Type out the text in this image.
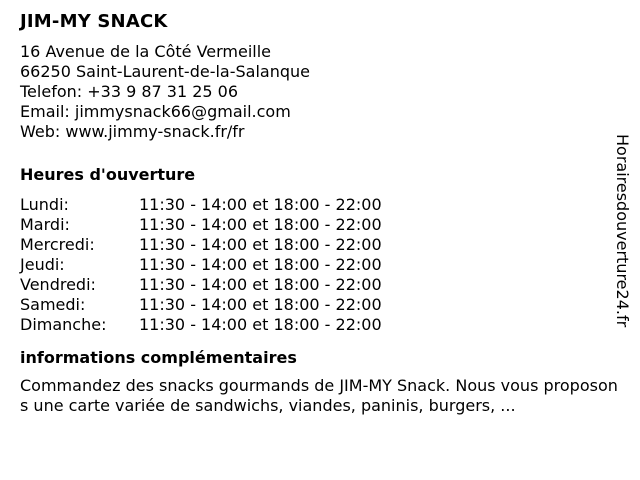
JIM-MY SNACK
16 Avenue de la Côté Vermeille
66250 Saint-Laurent-de-la-Salanque
Telefon: +33 9 87 31 25 06
Email: jimmysnack66@gmail.com
Web: www.jimmy-snack.fr/fr
Heures d'ouverture
Lundi:	11:30 - 14:00 et 18:00 - 22:00
Mardi:	11:30 - 14:00 et 18:00 - 22:00
Mercredi:	11:30 - 14:00 et 18:00 - 22:00
Jeudi:	11:30 - 14:00 et 18:00 - 22:00
Vendredi:	11:30 - 14:00 et 18:00 - 22:00
Samedi:	11:30 - 14:00 et 18:00 - 22:00
Dimanche:	11:30 - 14:00 et 18:00 - 22:00
informations complémentaires
Commandez des snacks gourmands de JIM-MY Snack. Nous vous proposons une carte variée de sandwichs, viandes, paninis, burgers, ...
Horairesdouverture24.fr
